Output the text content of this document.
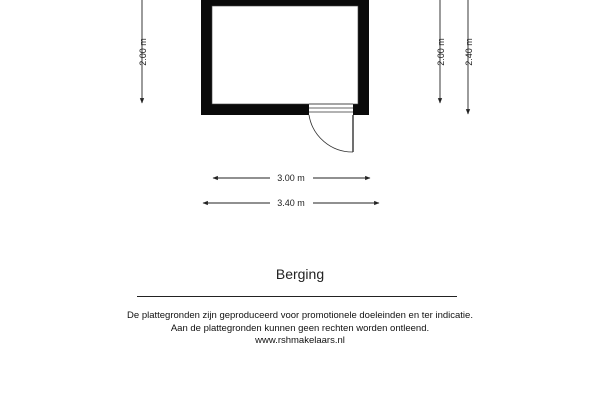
2.00 m	2.00 m 2.40 m
3.00 m
3.40 m
Berging
De plattegronden zijn geproduceerd voor promotionele doeleinden en ter indicatie.
Aan de plattegronden kunnen geen rechten worden ontleend.
www.rshmakelaars.nl
